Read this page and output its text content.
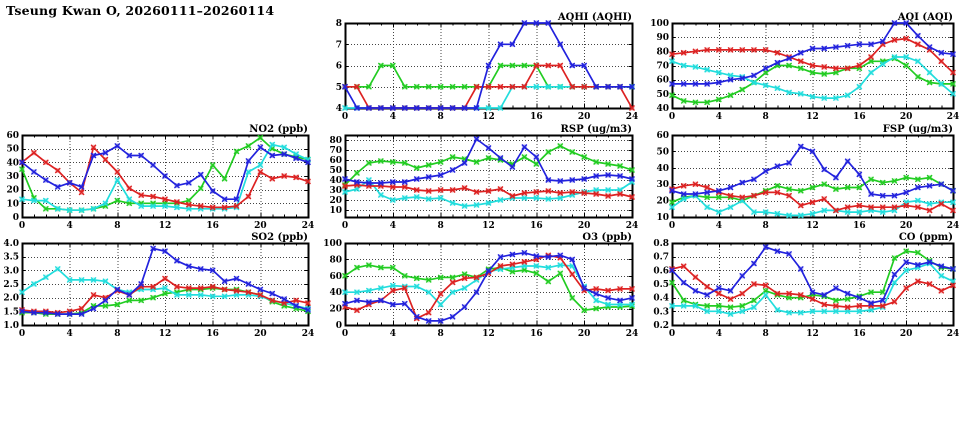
Tseung Kwan O, 20260111–20260114
0	4	8	12	16	20	24
4
5
6
7
8
AQHI (AQHI)
0	4	8	12	16	20	24
40
50
60
70
80
90
100
AQI (AQI)
0	4	8	12	16	20	24
0
10
20
30
40
50
60
NO2 (ppb)
0	4	8	12	16	20	24
10
20
30
40
50
60
70
80
RSP (ug/m3)
0	4	8	12	16	20	24
10
20
30
40
50
60
FSP (ug/m3)
0	4	8	12	16	20	24
1.0
1.5
2.0
2.5
3.0
3.5
4.0
SO2 (ppb)
0	4	8	12	16	20	24
0
20
40
60
80
100
O3 (ppb)
0	4	8	12	16	20	24
0.2
0.3
0.4
0.5
0.6
0.7
0.8
CO (ppm)
